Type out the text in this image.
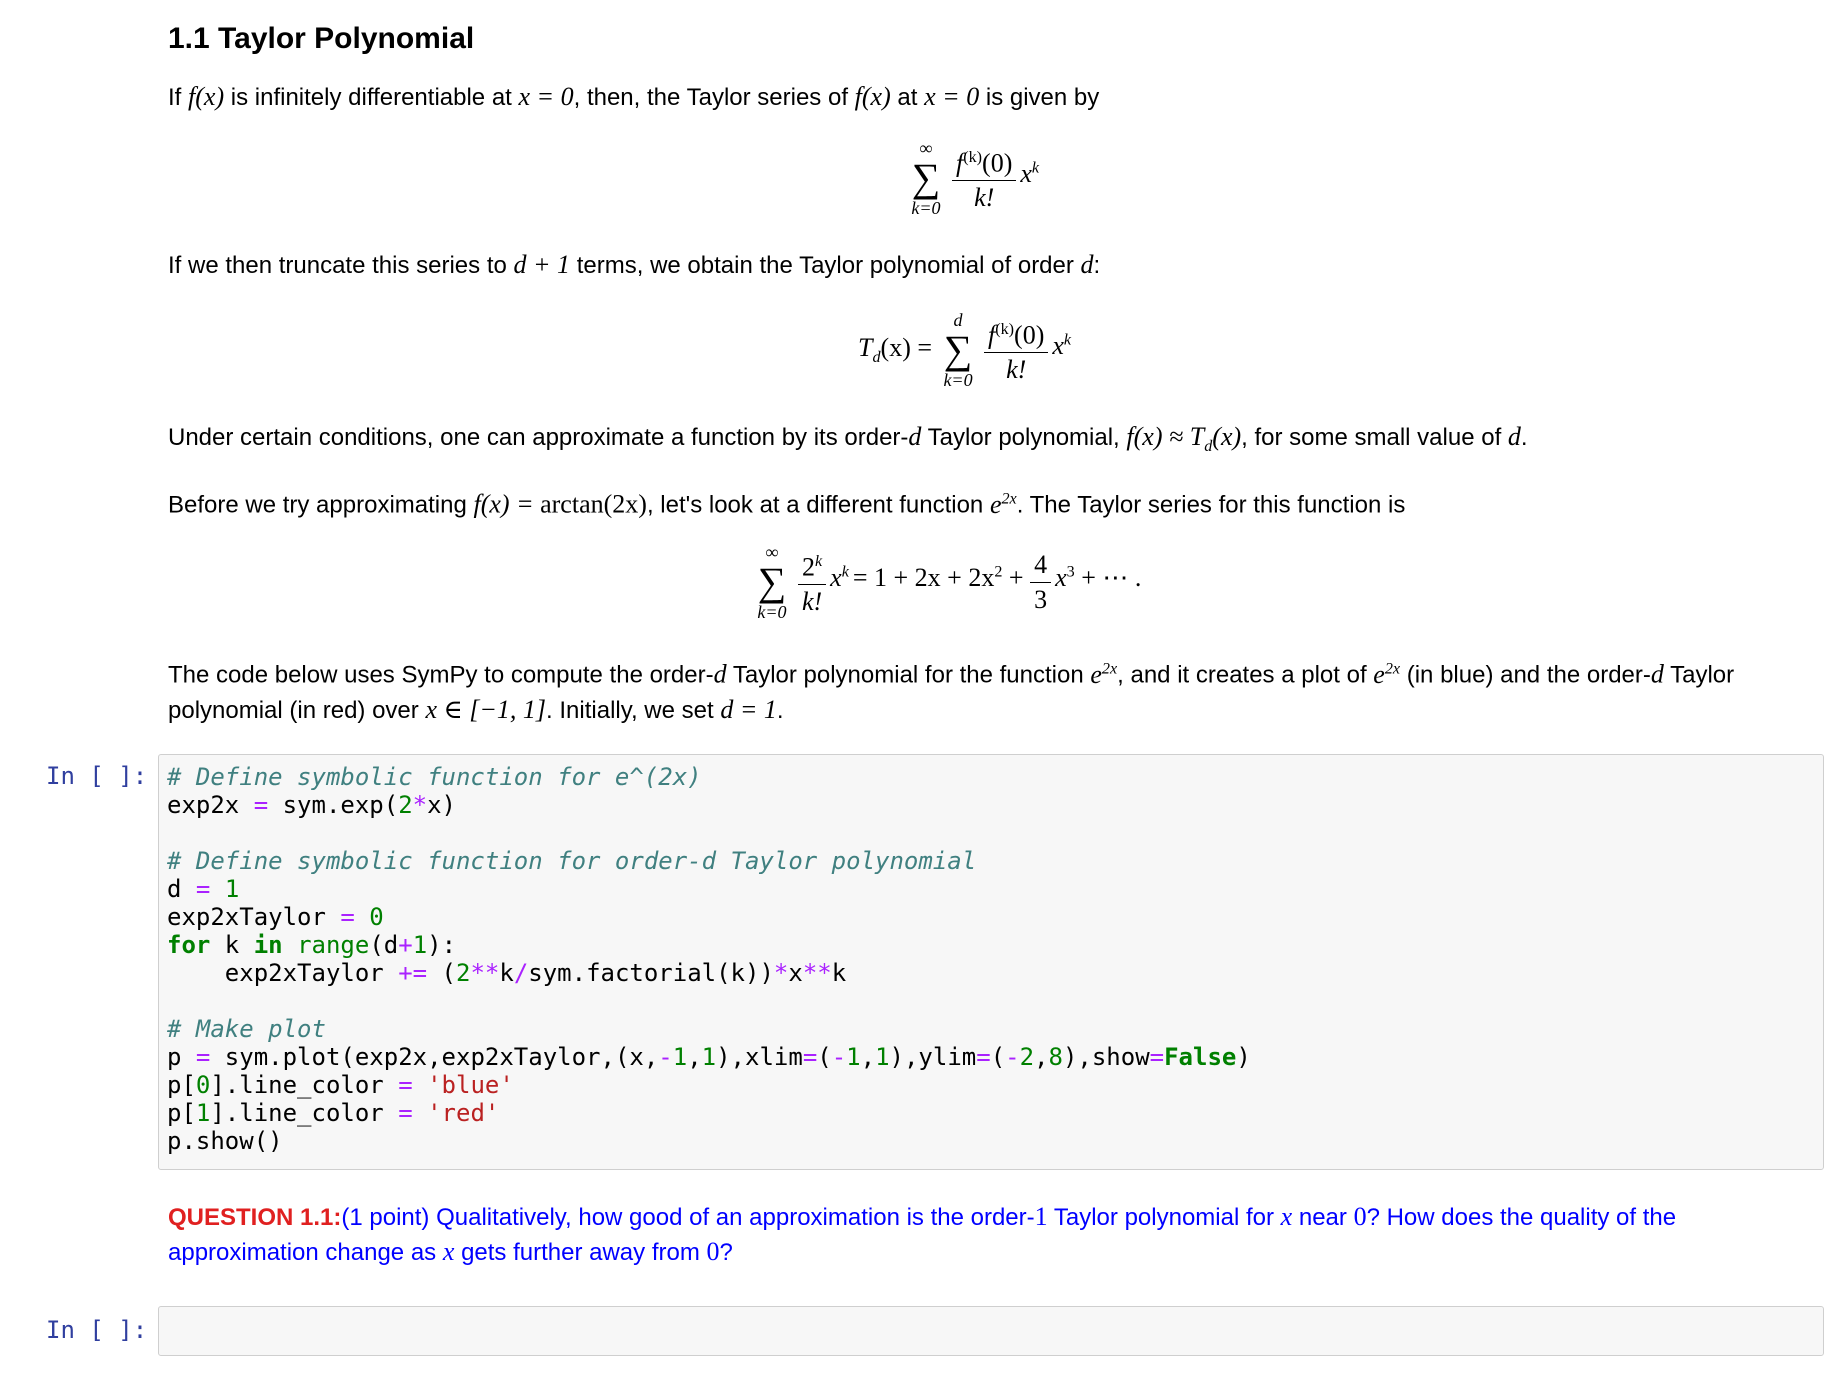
1.1 Taylor Polynomial
If f(x) is infinitely differentiable at x = 0, then, the Taylor series of f(x) at x = 0 is given by
∞
∑
k=0
$\frac{f^{(k)}(0)}{k!} x^k$
If we then truncate this series to d + 1 terms, we obtain the Taylor polynomial of order d:
$T_d(x)$ =
d
∑
k=0
$\frac{f^{(k)}(0)}{k!} x^k$
Under certain conditions, one can approximate a function by its order-d Taylor polynomial, $f(x) \approx T_d(x)$, for some small value of d.
Before we try approximating f(x) = arctan(2x), let's look at a different function $e^{2x}$. The Taylor series for this function is
∞
∑
k=0
$\frac{2^k}{k!} x^k = 1 + 2x + 2x^2 + \frac{4}{3} x^3$ + ⋯ .
The code below uses SymPy to compute the order-d Taylor polynomial for the function $e^{2x}$, and it creates a plot of $e^{2x}$ (in blue) and the order-d Taylor
polynomial (in red) over x ∈ [−1, 1]. Initially, we set d = 1.
In [ ]: # Define symbolic function for e^(2x)
exp2x = sym.exp(2*x)

# Define symbolic function for order-d Taylor polynomial
d = 1
exp2xTaylor = 0
for k in range(d+1):
exp2xTaylor += (2**k/sym.factorial(k))*x**k

# Make plot
p = sym.plot(exp2x,exp2xTaylor,(x,-1,1),xlim=(-1,1),ylim=(-2,8),show=False)
p[0].line_color = 'blue'
p[1].line_color = 'red'
p.show()
QUESTION 1.1:(1 point) Qualitatively, how good of an approximation is the order-1 Taylor polynomial for x near 0? How does the quality of the
approximation change as x gets further away from 0?
In [ ]:
